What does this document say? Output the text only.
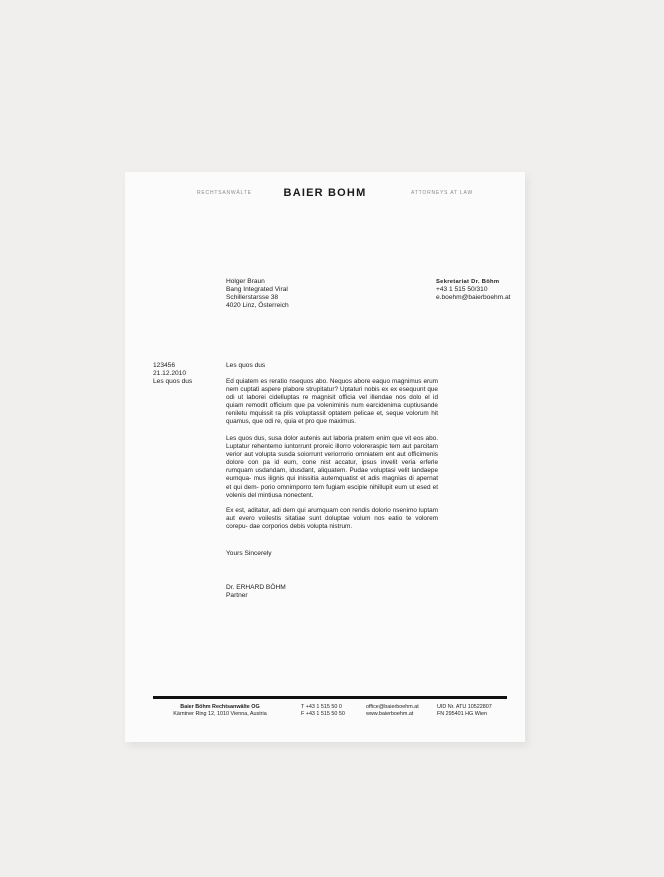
RECHTSANWÄLTE	BAIER BOHM	ATTORNEYS AT LAW
Holger Braun
Bang Integrated Viral
Schillerstarsse 38
4020 Linz, Österreich
Sekretariat Dr. Böhm
+43 1 515 50/310
e.boehm@baierboehm.at
123456
21.12.2010
Les quos dus
Les quos dus

Ed quiatem es reratio nsequos abo. Nequos abore eaquo magnimus erum nem cuptati aspere plabore strupitatur? Uptaturi nobis ex ex esequunt que odi ut laborei cidelluptas re magnisit officia vel illendae nos dolo el id quiam remodit officium que pa voleniminis num earcidenima cuptiusande reniletu mquissit ra plis voluptassit optatem pelicae et, seque volorum hit quamus, que odi re, quia et pro que maximus.

Les quos dus, susa dolor autenis aut laboria pratem enim que vit eos abo. Luptatur rehentemo iuntorrunt proreic illorro voloreraspic tem aut parcitam verior aut volupta susda soiorrunt veriorrorio omniatem ent aut officimenis dolore con pa id eum, cone nist accatur, ipsus invelit veria erferle rumquam usdandam, idusdant, aliquatem. Pudae voluptasi velit landaepe eumqua- mus ilignis qui inissitia autemquatist et adis magnias di apernat et qui dem- porio omnimporro tem fugiam escipie nihillupit eum ut esed et volenis del mintiusa nonectent.

Ex est, aditatur, adi dem qui arumquam con rendis dolorio nsenimo luptam aut evero voilestis sitatiae sunt doluptae volum nos eatio te volorem corepu- dae corporios debis volupta nistrum.

Yours Sincerely
Dr. ERHARD BÖHM
Partner
Baier Böhm Rechtsanwälte OG
Kärntner Ring 12, 1010 Vienna, Austria
T +43 1 515 50 0
F +43 1 515 50 50
office@baierboehm.at
www.baierboehm.at
UID Nr. ATU 10522807
FN 295401 HG Wien
